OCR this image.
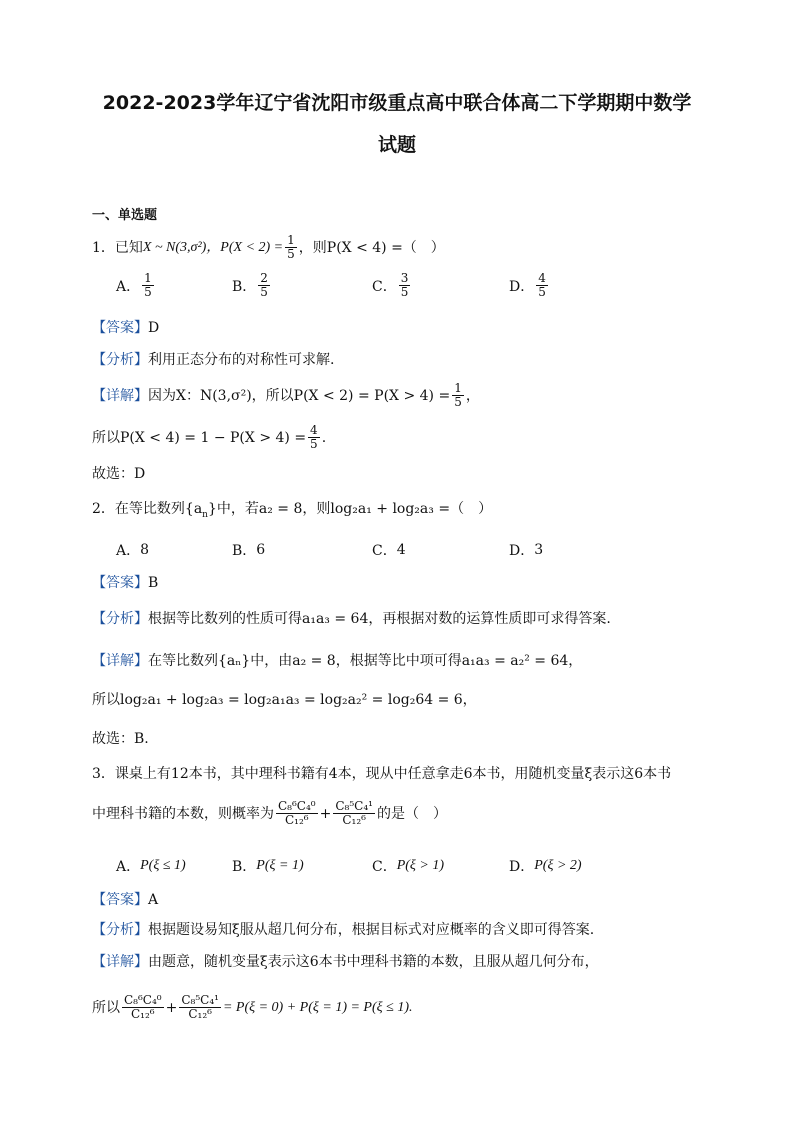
2022-2023学年辽宁省沈阳市级重点高中联合体高二下学期期中数学
试题
一、单选题
1．已知 X ~ N(3,σ²)，$P(X < 2) = \frac{1}{5}$ ，则P(X < 4) =（　）
A． $\frac{1}{5}$	B． $\frac{2}{5}$	C． $\frac{3}{5}$	D． $\frac{4}{5}$
【答案】D
【分析】利用正态分布的对称性可求解.
【详解】 因为X：N(3,σ²)，所以$P(X < 2) = P(X > 4) = \frac{1}{5}$ ，
所以$P(X < 4) = 1 - P(X > 4) = \frac{4}{5}$ .
故选：D
2．在等比数列$\{a_n\}$中，若a₂ = 8，则log₂a₁ + log₂a₃ =（　）
A． 8	B． 6	C． 4	D． 3
【答案】B
【分析】根据等比数列的性质可得a₁a₃ = 64，再根据对数的运算性质即可求得答案.
【详解】在等比数列{aₙ}中，由a₂ = 8，根据等比中项可得a₁a₃ = a₂² = 64，
所以log₂a₁ + log₂a₃ = log₂a₁a₃ = log₂a₂² = log₂64 = 6，
故选：B.
3．课桌上有12本书，其中理科书籍有4本，现从中任意拿走6本书，用随机变量ξ表示这6本书
中理科书籍的本数，则概率为 $\frac{\text{C₈⁶C₄⁰}}{\text{C₁₂⁶}} + \frac{\text{C₈⁵C₄¹}}{\text{C₁₂⁶}}$ 的是（　）
A． P(ξ ≤ 1)	B． P(ξ = 1)	C． P(ξ > 1)	D． P(ξ > 2)
【答案】A
【分析】根据题设易知ξ服从超几何分布，根据目标式对应概率的含义即可得答案.
【详解】由题意，随机变量ξ表示这6本书中理科书籍的本数，且服从超几何分布，
所以 $\frac{\text{C₈⁶C₄⁰}}{\text{C₁₂⁶}} + \frac{\text{C₈⁵C₄¹}}{\text{C₁₂⁶}} = P(\xi = 0) + P(\xi = 1) = P(\xi \le 1)$.
